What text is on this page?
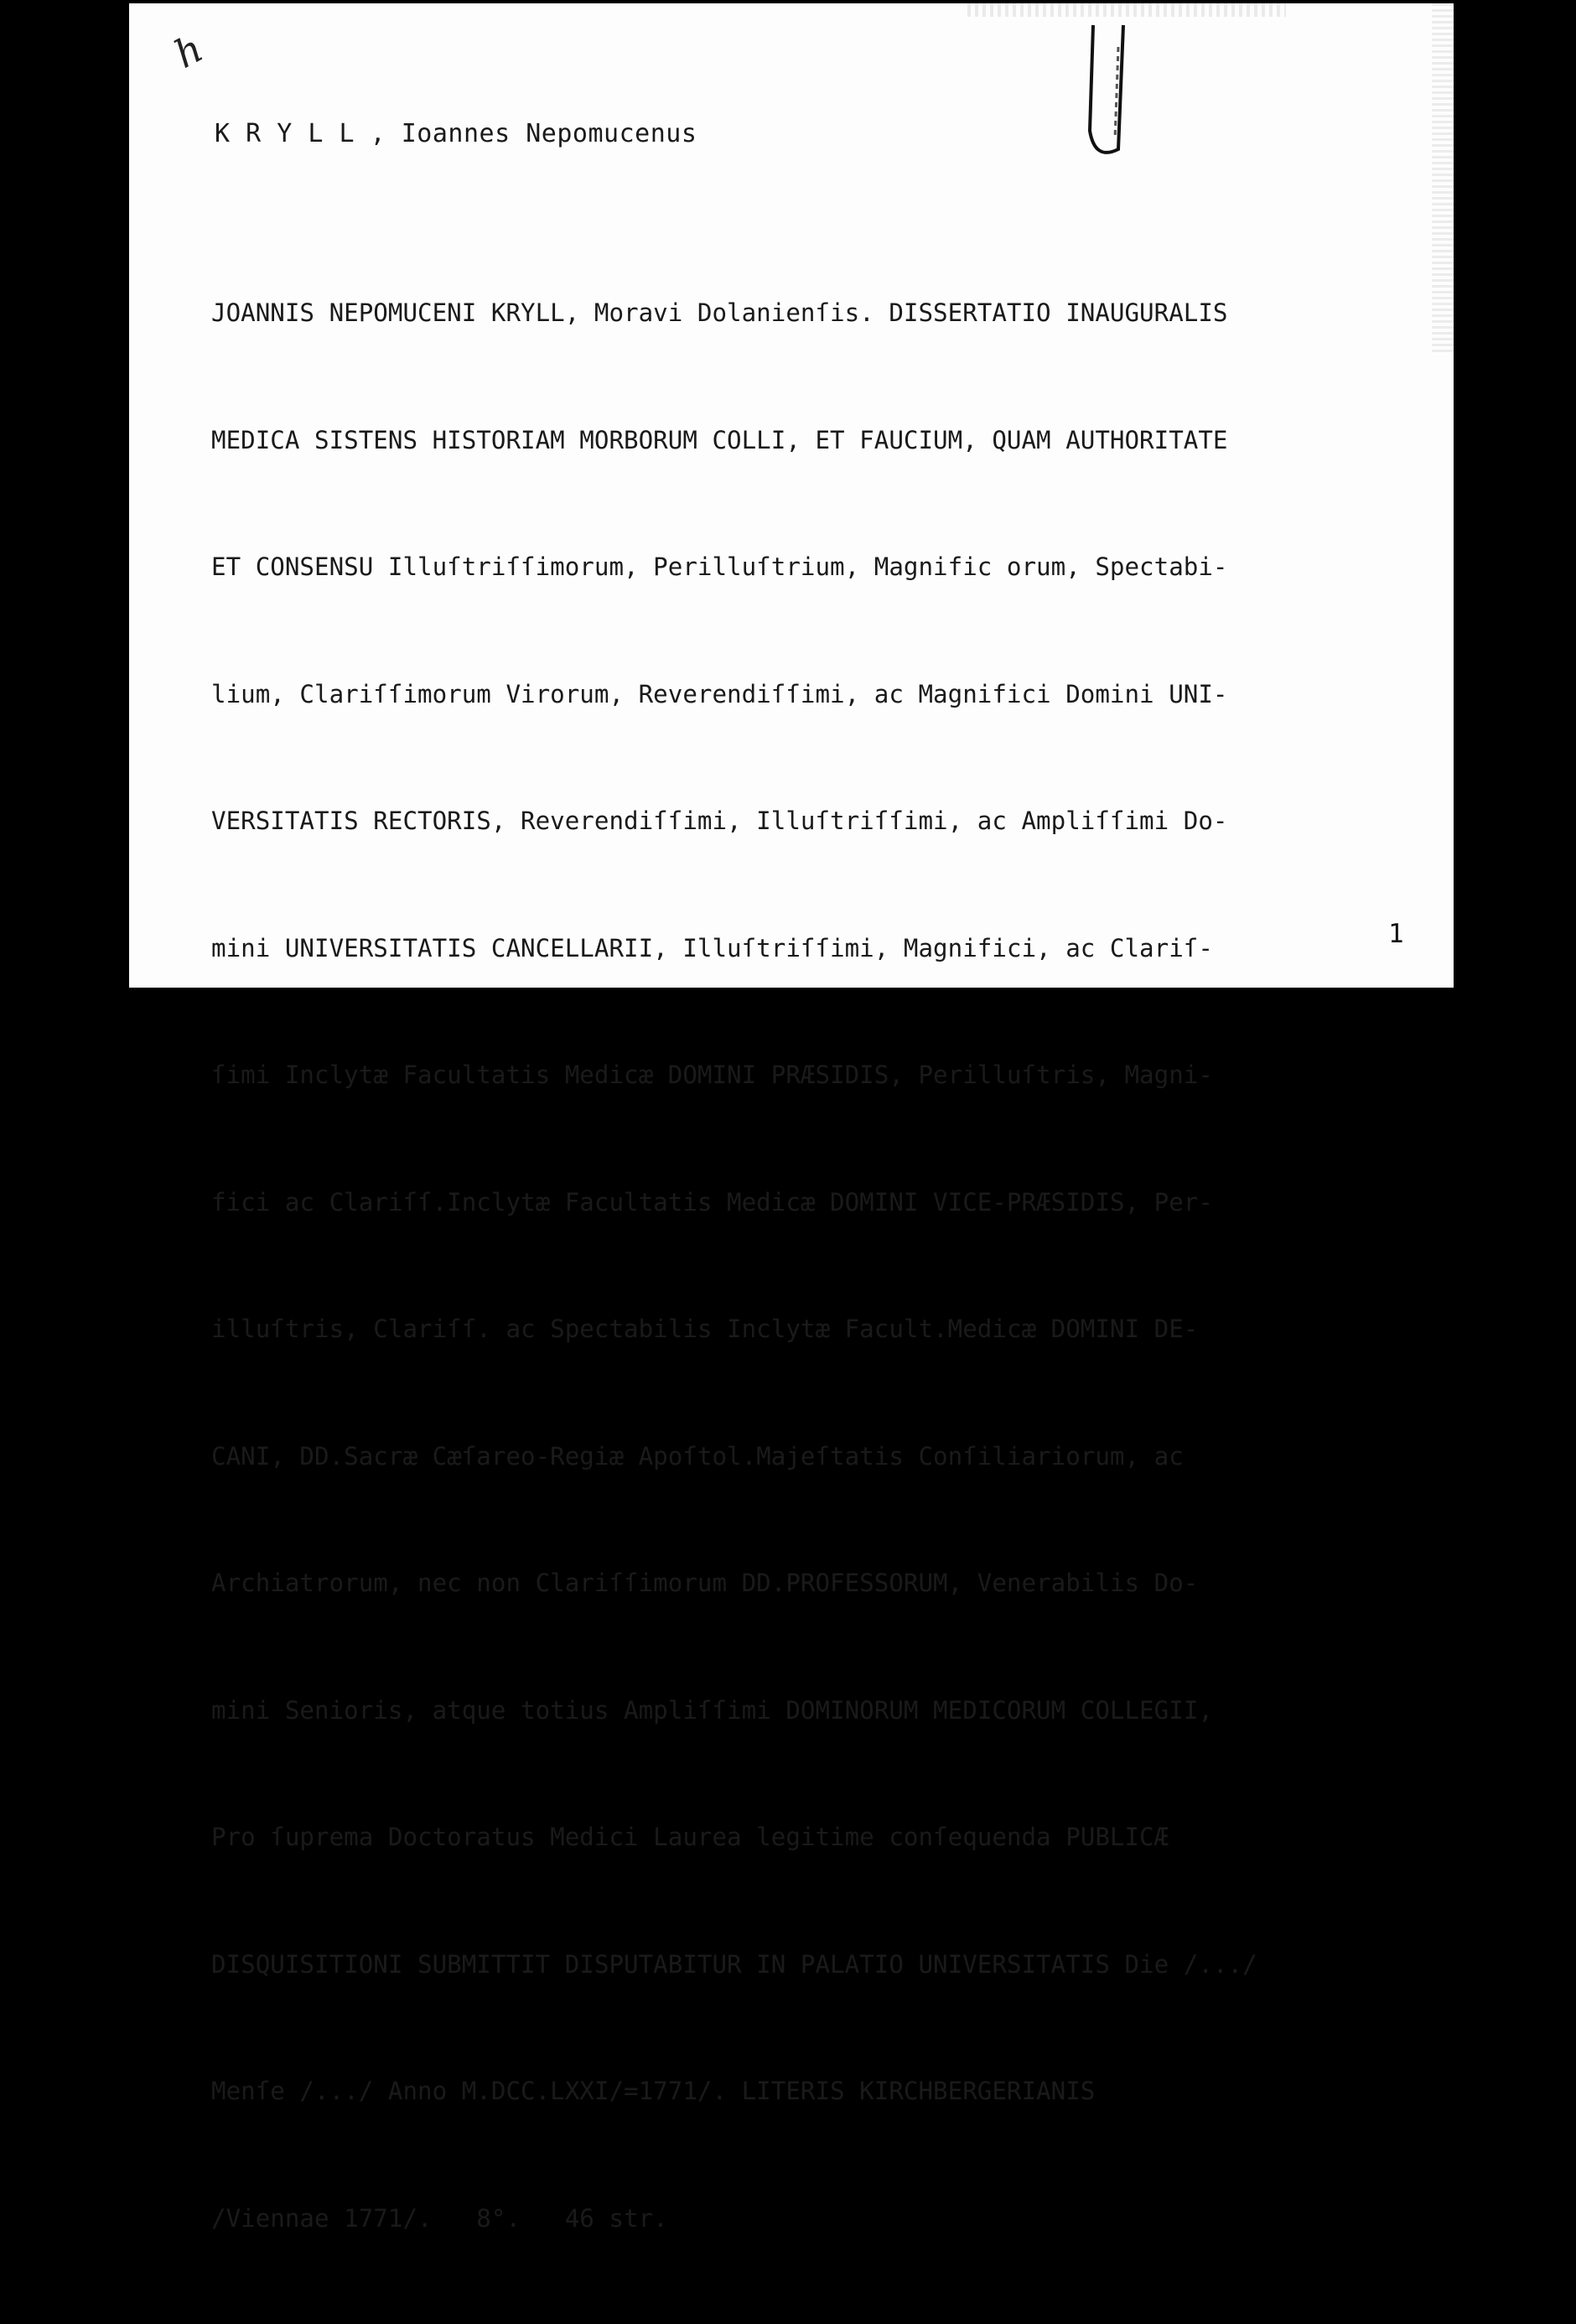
h
K R Y L L , Ioannes Nepomucenus

JOANNIS NEPOMUCENI KRYLL, Moravi Dolanienſis. DISSERTATIO INAUGURALIS

MEDICA SISTENS HISTORIAM MORBORUM COLLI, ET FAUCIUM, QUAM AUTHORITATE

ET CONSENSU Illuſtriſſimorum, Perilluſtrium, Magnific orum, Spectabi-

lium, Clariſſimorum Virorum, Reverendiſſimi, ac Magnifici Domini UNI-

VERSITATIS RECTORIS, Reverendiſſimi, Illuſtriſſimi, ac Ampliſſimi Do-

mini UNIVERSITATIS CANCELLARII, Illuſtriſſimi, Magnifici, ac Clariſ-

ſimi Inclytæ Facultatis Medicæ DOMINI PRÆSIDIS, Perilluſtris, Magni-

fici ac Clariſſ.Inclytæ Facultatis Medicæ DOMINI VICE-PRÆSIDIS, Per-

illuſtris, Clariſſ. ac Spectabilis Inclytæ Facult.Medicæ DOMINI DE-

CANI, DD.Sacræ Cæſareo-Regiæ Apoſtol.Majeſtatis Conſiliariorum, ac

Archiatrorum, nec non Clariſſimorum DD.PROFESSORUM, Venerabilis Do-

mini Senioris, atque totius Ampliſſimi DOMINORUM MEDICORUM COLLEGII,

Pro ſuprema Doctoratus Medici Laurea legitime conſequenda PUBLICÆ

DISQUISITIONI SUBMITTIT DISPUTABITUR IN PALATIO UNIVERSITATIS Die /.../

Menſe /.../ Anno M.DCC.LXXI/=1771/. LITERIS KIRCHBERGERIANIS

/Viennae 1771/.   8°.   46 str.

1
